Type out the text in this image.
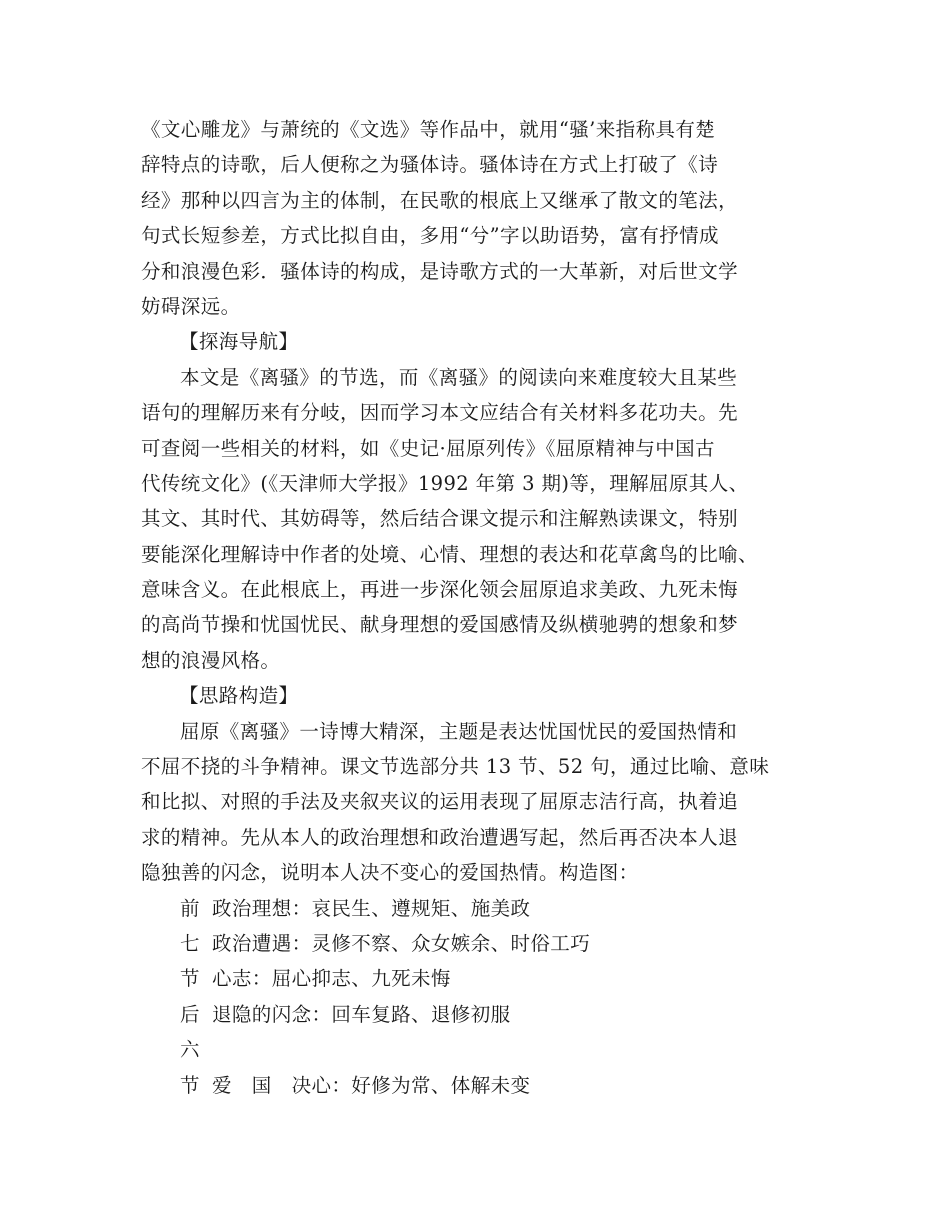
《文心雕龙》与萧统的《文选》等作品中，就用“骚’来指称具有楚
辞特点的诗歌，后人便称之为骚体诗。骚体诗在方式上打破了《诗
经》那种以四言为主的体制，在民歌的根底上又继承了散文的笔法，
句式长短参差，方式比拟自由，多用“兮”字以助语势，富有抒情成
分和浪漫色彩．骚体诗的构成，是诗歌方式的一大革新，对后世文学
妨碍深远。
【探海导航】
本文是《离骚》的节选，而《离骚》的阅读向来难度较大且某些
语句的理解历来有分岐，因而学习本文应结合有关材料多花功夫。先
可查阅一些相关的材料，如《史记·屈原列传》《屈原精神与中国古
代传统文化》(《天津师大学报》1992 年第 3 期)等，理解屈原其人、
其文、其时代、其妨碍等，然后结合课文提示和注解熟读课文，特别
要能深化理解诗中作者的处境、心情、理想的表达和花草禽鸟的比喻、
意味含义。在此根底上，再进一步深化领会屈原追求美政、九死未悔
的高尚节操和忧国忧民、献身理想的爱国感情及纵横驰骋的想象和梦
想的浪漫风格。
【思路构造】
屈原《离骚》一诗博大精深，主题是表达忧国忧民的爱国热情和
不屈不挠的斗争精神。课文节选部分共 13 节、52 句，通过比喻、意味
和比拟、对照的手法及夹叙夹议的运用表现了屈原志洁行高，执着追
求的精神。先从本人的政治理想和政治遭遇写起，然后再否决本人退
隐独善的闪念，说明本人决不变心的爱国热情。构造图：
前 政治理想：哀民生、遵规矩、施美政
七 政治遭遇：灵修不察、众女嫉余、时俗工巧
节 心志：屈心抑志、九死未悔
后 退隐的闪念：回车复路、退修初服
六
节 爱　国　决心：好修为常、体解未变
